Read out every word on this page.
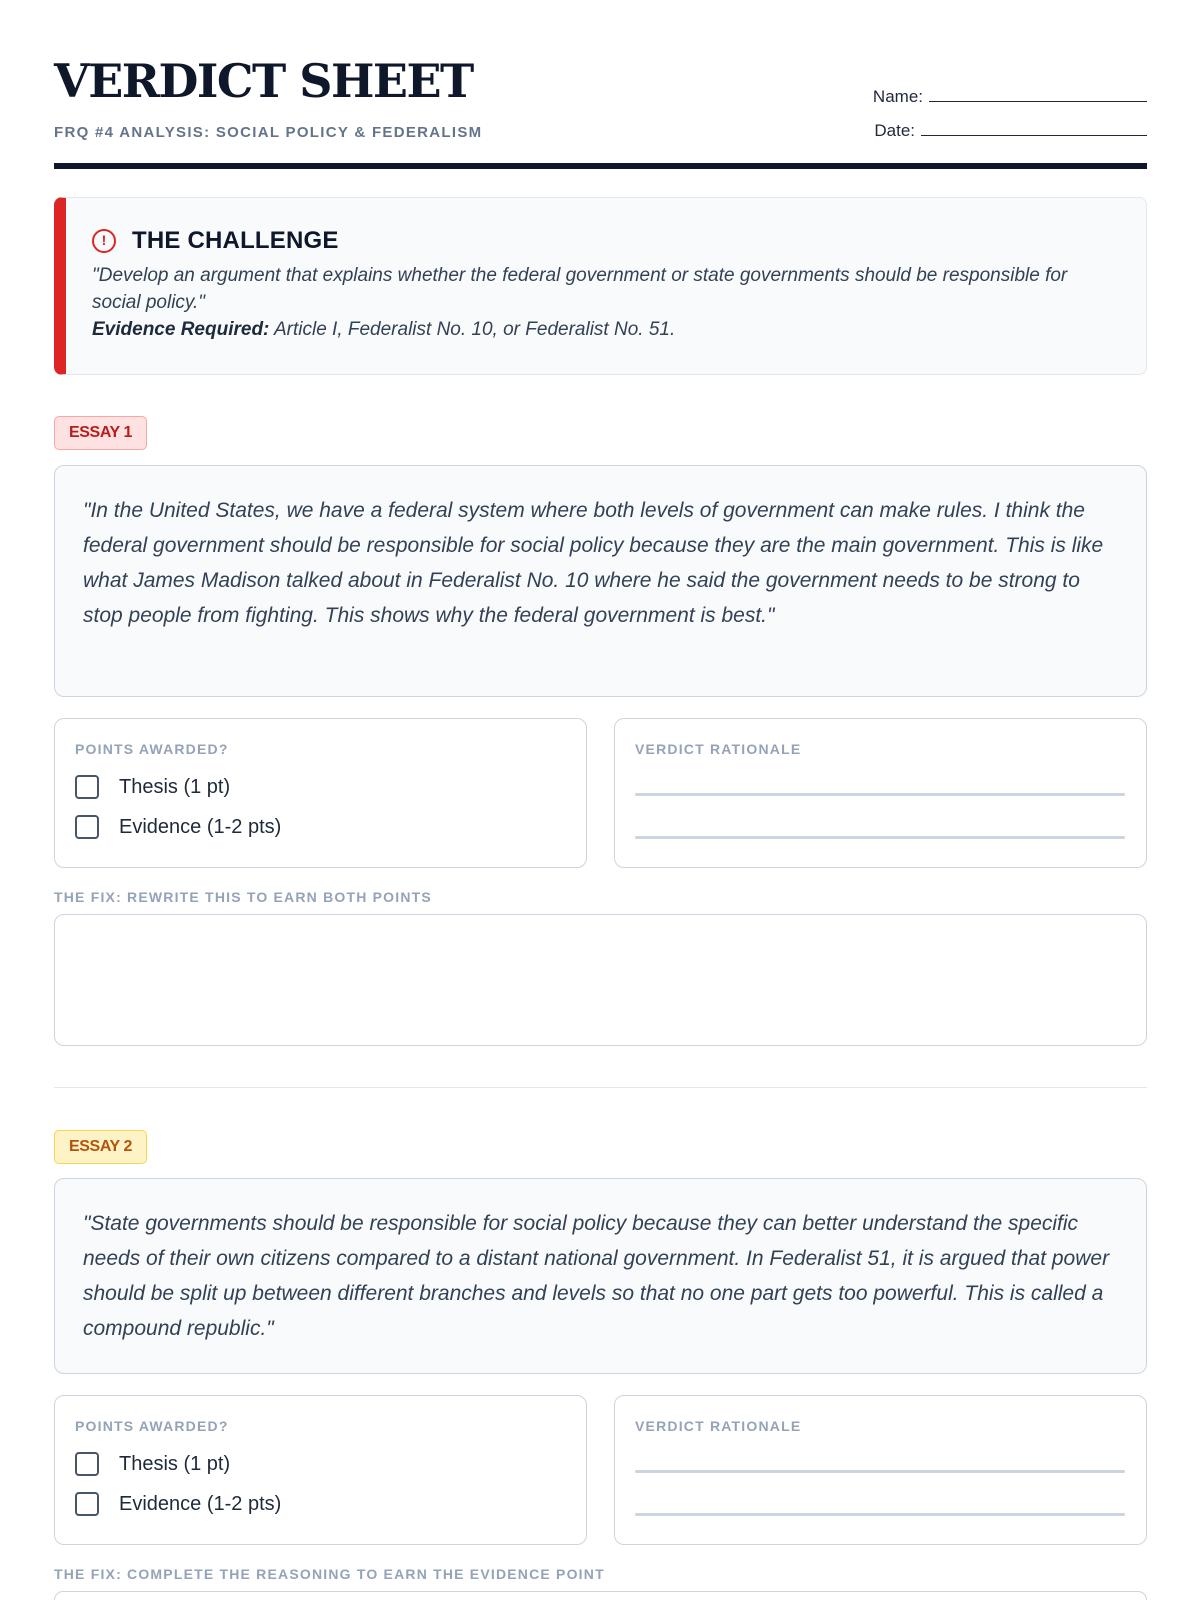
VERDICT SHEET
FRQ #4 ANALYSIS: SOCIAL POLICY & FEDERALISM
Name:
Date:
!	THE CHALLENGE
"Develop an argument that explains whether the federal government or state governments should be responsible for social policy."
Evidence Required: Article I, Federalist No. 10, or Federalist No. 51.
ESSAY 1
"In the United States, we have a federal system where both levels of government can make rules. I think the federal government should be responsible for social policy because they are the main government. This is like what James Madison talked about in Federalist No. 10 where he said the government needs to be strong to stop people from fighting. This shows why the federal government is best."
POINTS AWARDED?
Thesis (1 pt)
Evidence (1-2 pts)
VERDICT RATIONALE
THE FIX: REWRITE THIS TO EARN BOTH POINTS
ESSAY 2
"State governments should be responsible for social policy because they can better understand the specific needs of their own citizens compared to a distant national government. In Federalist 51, it is argued that power should be split up between different branches and levels so that no one part gets too powerful. This is called a compound republic."
POINTS AWARDED?
Thesis (1 pt)
Evidence (1-2 pts)
VERDICT RATIONALE
THE FIX: COMPLETE THE REASONING TO EARN THE EVIDENCE POINT
